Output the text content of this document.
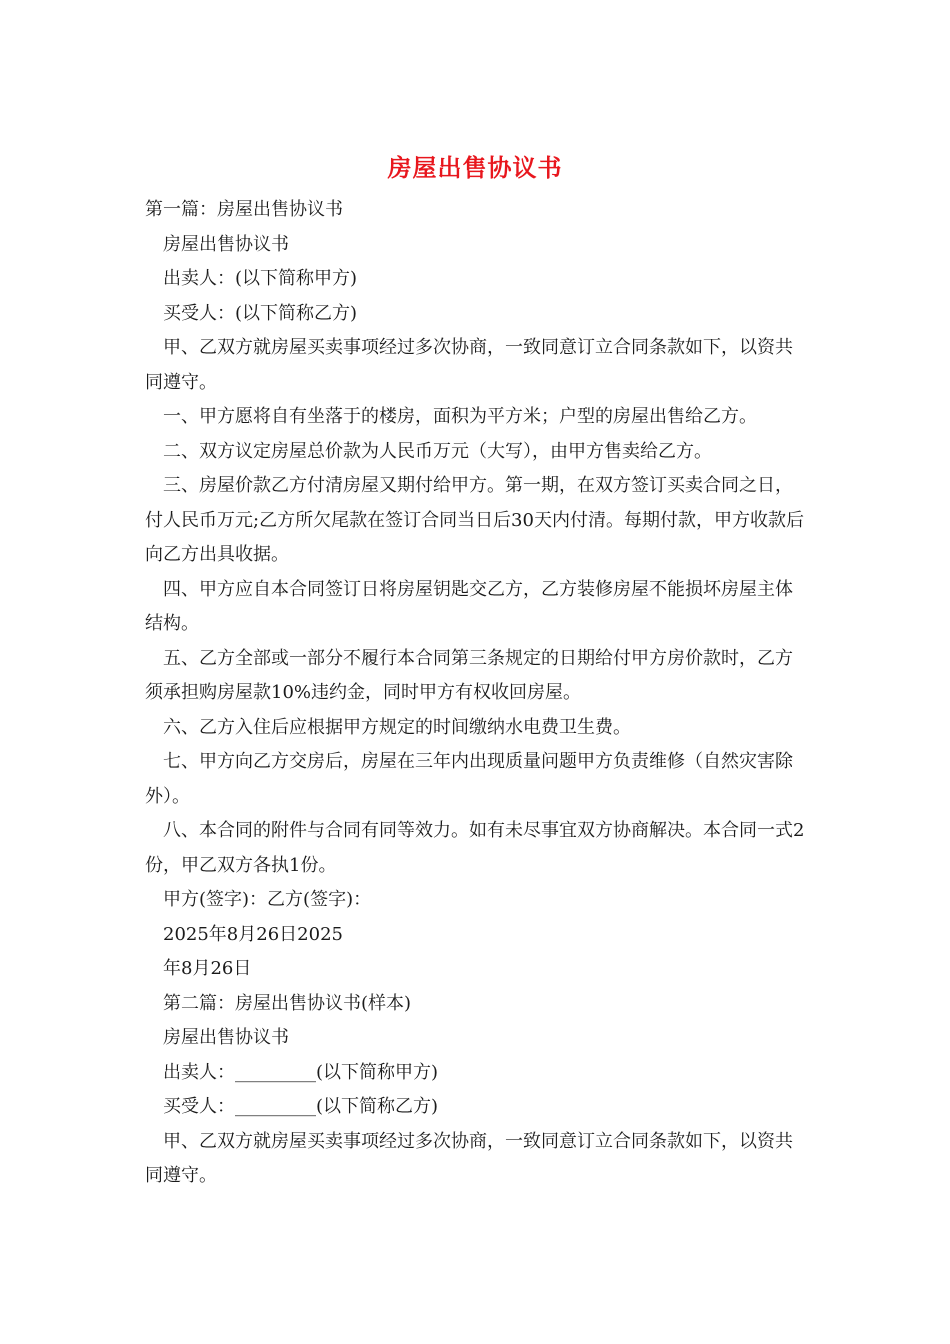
房屋出售协议书

第一篇：房屋出售协议书

房屋出售协议书

出卖人：(以下简称甲方)

买受人：(以下简称乙方)

甲、乙双方就房屋买卖事项经过多次协商，一致同意订立合同条款如下，以资共同遵守。

一、甲方愿将自有坐落于的楼房，面积为平方米；户型的房屋出售给乙方。

二、双方议定房屋总价款为人民币万元（大写），由甲方售卖给乙方。

三、房屋价款乙方付清房屋又期付给甲方。第一期，在双方签订买卖合同之日，付人民币万元;乙方所欠尾款在签订合同当日后30天内付清。每期付款，甲方收款后向乙方出具收据。

四、甲方应自本合同签订日将房屋钥匙交乙方，乙方装修房屋不能损坏房屋主体结构。

五、乙方全部或一部分不履行本合同第三条规定的日期给付甲方房价款时，乙方须承担购房屋款10%违约金，同时甲方有权收回房屋。

六、乙方入住后应根据甲方规定的时间缴纳水电费卫生费。

七、甲方向乙方交房后，房屋在三年内出现质量问题甲方负责维修（自然灾害除外）。

八、本合同的附件与合同有同等效力。如有未尽事宜双方协商解决。本合同一式2份，甲乙双方各执1份。

甲方(签字)：乙方(签字)：

2025年8月26日2025

年8月26日

第二篇：房屋出售协议书(样本)

房屋出售协议书

出卖人：_________(以下简称甲方)

买受人：_________(以下简称乙方)

甲、乙双方就房屋买卖事项经过多次协商，一致同意订立合同条款如下，以资共同遵守。
